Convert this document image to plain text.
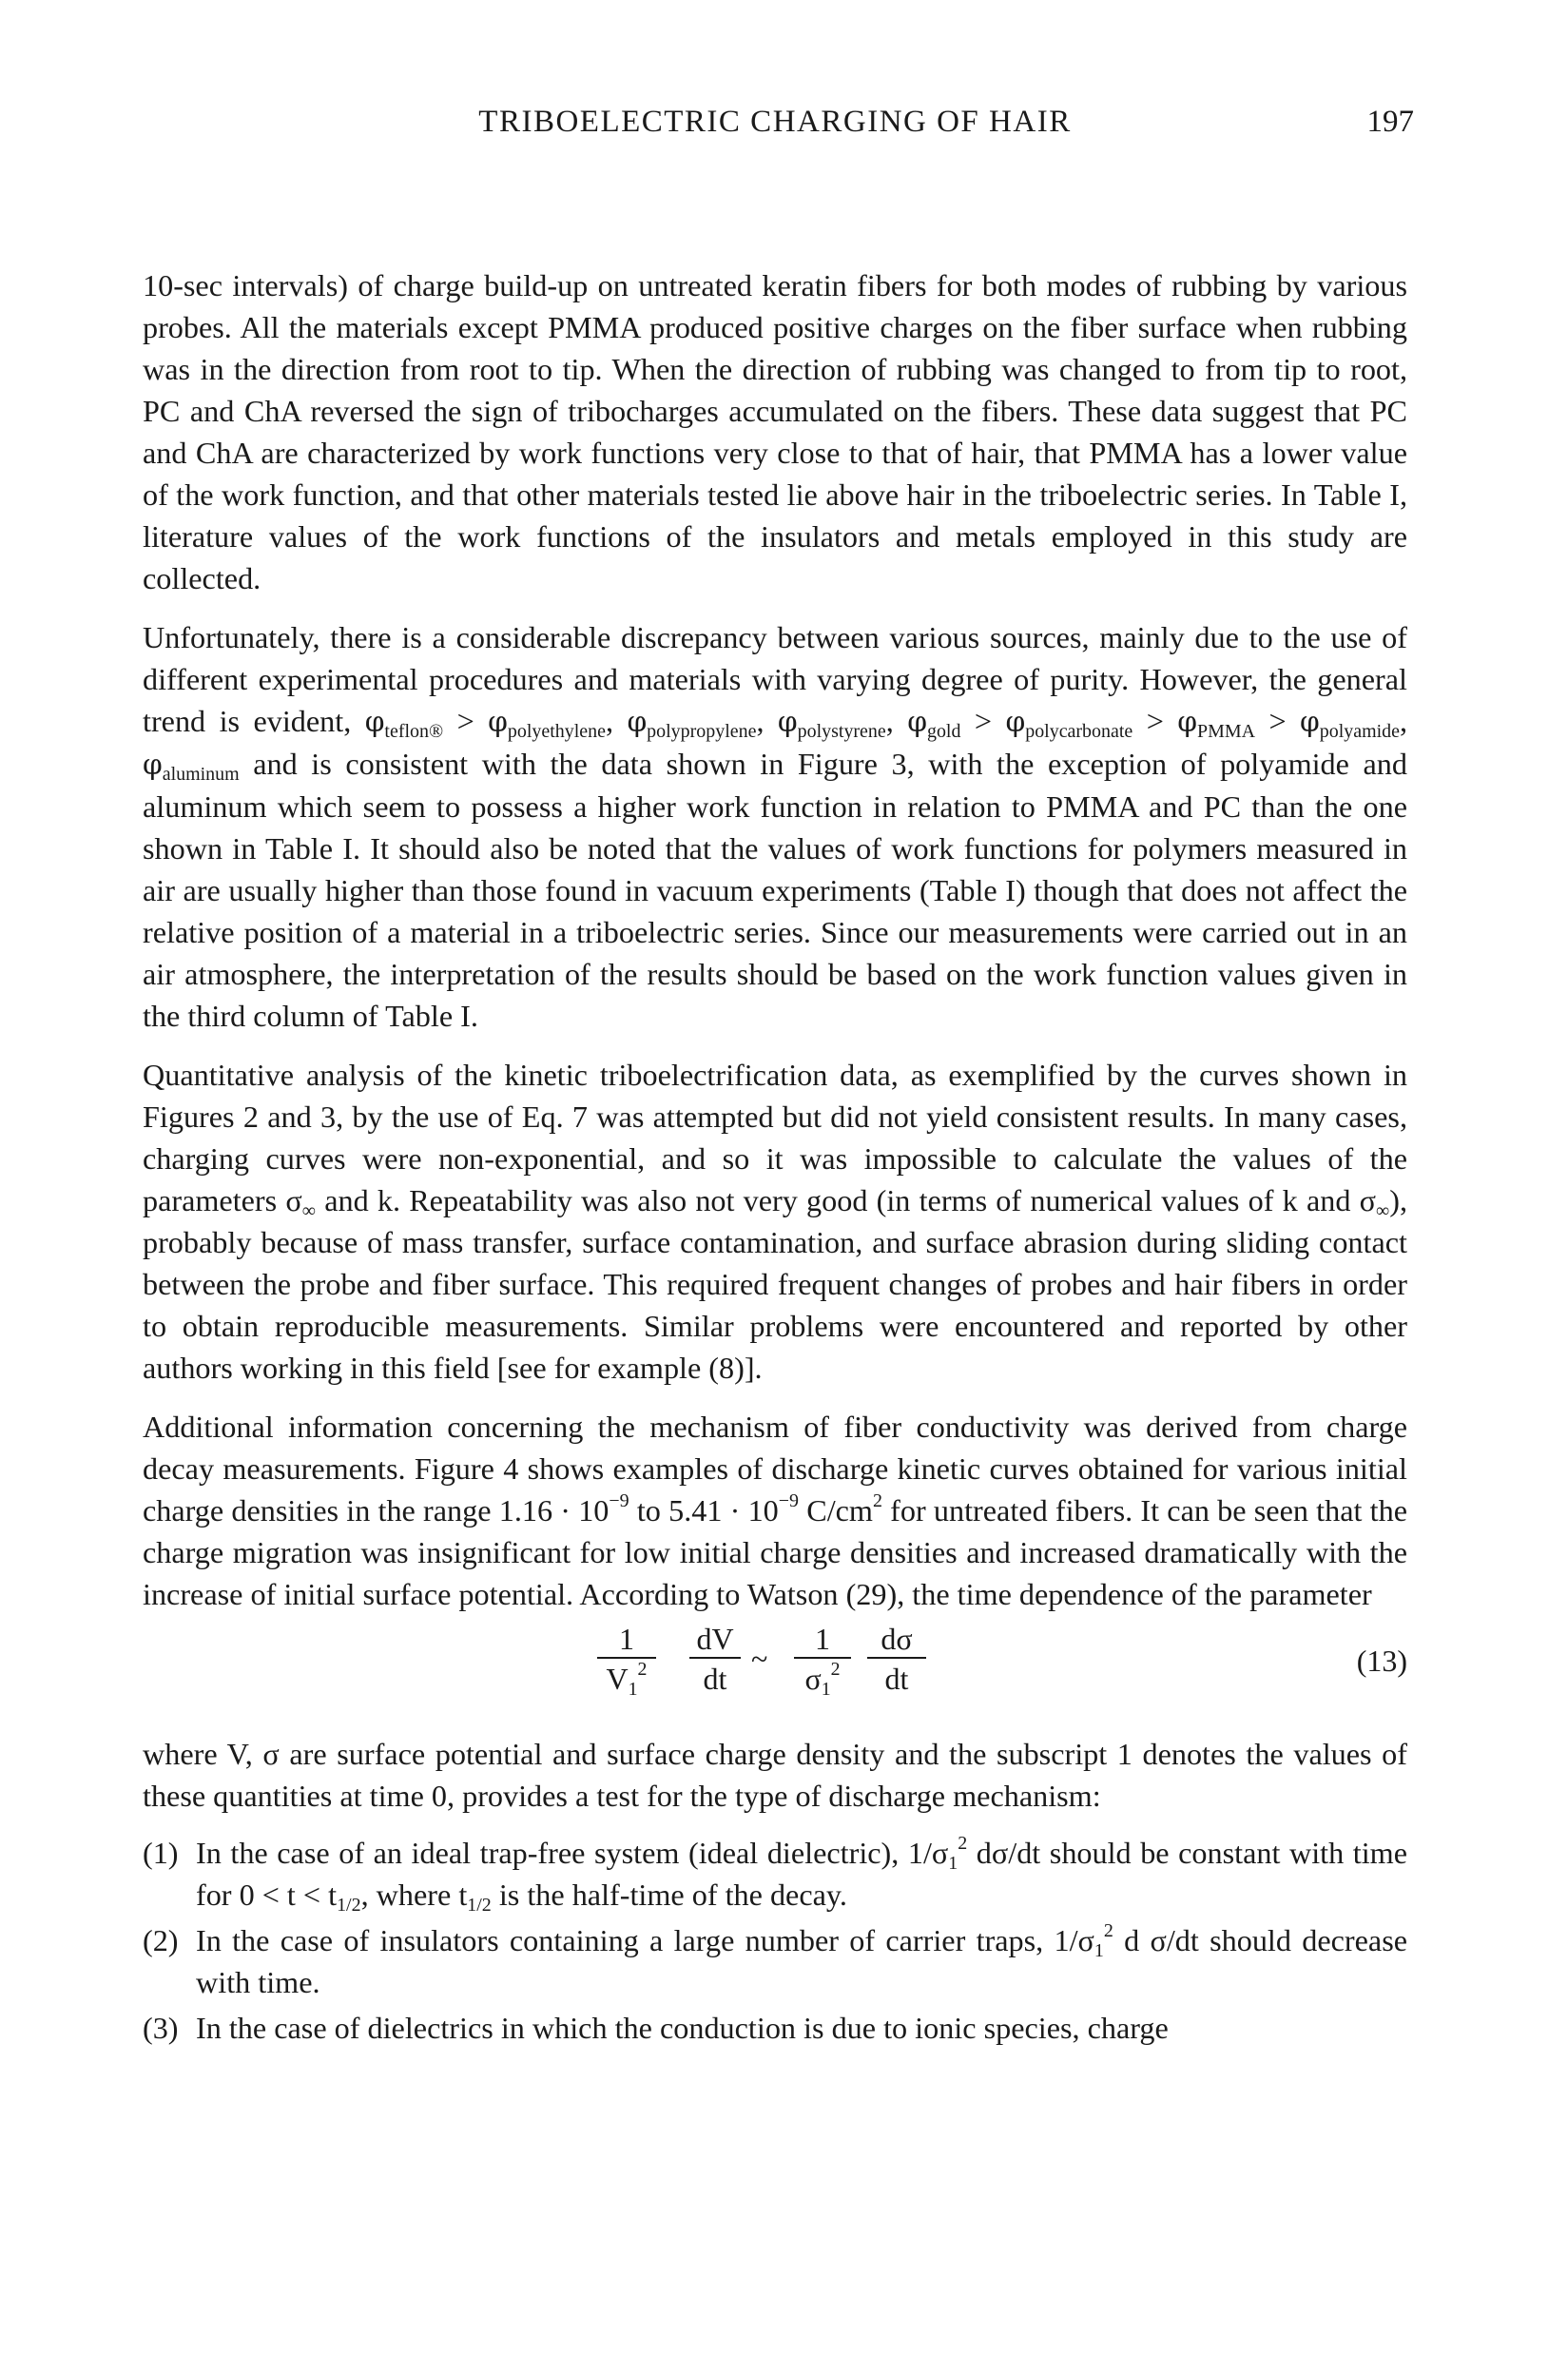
TRIBOELECTRIC CHARGING OF HAIR	197

10-sec intervals) of charge build-up on untreated keratin fibers for both modes of rubbing by various probes. All the materials except PMMA produced positive charges on the fiber surface when rubbing was in the direction from root to tip. When the direction of rubbing was changed to from tip to root, PC and ChA reversed the sign of tribocharges accumulated on the fibers. These data suggest that PC and ChA are characterized by work functions very close to that of hair, that PMMA has a lower value of the work function, and that other materials tested lie above hair in the triboelectric series. In Table I, literature values of the work functions of the insulators and metals employed in this study are collected.

Unfortunately, there is a considerable discrepancy between various sources, mainly due to the use of different experimental procedures and materials with varying degree of purity. However, the general trend is evident, $\varphi_{teflon®} > \varphi_{polyethylene}$, $\varphi_{polypropylene}$, $\varphi_{polystyrene}$, $\varphi_{gold} > \varphi_{polycarbonate} > \varphi_{PMMA} > \varphi_{polyamide}$, $\varphi_{aluminum}$ and is consistent with the data shown in Figure 3, with the exception of polyamide and aluminum which seem to possess a higher work function in relation to PMMA and PC than the one shown in Table I. It should also be noted that the values of work functions for polymers measured in air are usually higher than those found in vacuum experiments (Table I) though that does not affect the relative position of a material in a triboelectric series. Since our measurements were carried out in an air atmosphere, the interpretation of the results should be based on the work function values given in the third column of Table I.

Quantitative analysis of the kinetic triboelectrification data, as exemplified by the curves shown in Figures 2 and 3, by the use of Eq. 7 was attempted but did not yield consistent results. In many cases, charging curves were non-exponential, and so it was impossible to calculate the values of the parameters $\sigma_\infty$ and k. Repeatability was also not very good (in terms of numerical values of k and $\sigma_\infty$), probably because of mass transfer, surface contamination, and surface abrasion during sliding contact between the probe and fiber surface. This required frequent changes of probes and hair fibers in order to obtain reproducible measurements. Similar problems were encountered and reported by other authors working in this field [see for example (8)].

Additional information concerning the mechanism of fiber conductivity was derived from charge decay measurements. Figure 4 shows examples of discharge kinetic curves obtained for various initial charge densities in the range $1.16 \cdot 10^{-9}$ to $5.41 \cdot 10^{-9}$ $C/cm^2$ for untreated fibers. It can be seen that the charge migration was insignificant for low initial charge densities and increased dramatically with the increase of initial surface potential. According to Watson (29), the time dependence of the parameter

$\frac{1}{V_1^2} \frac{dV}{dt}$ ~ $\frac{1}{\sigma_1^2} \frac{d\sigma}{dt}$	(13)

where V, σ are surface potential and surface charge density and the subscript 1 denotes the values of these quantities at time 0, provides a test for the type of discharge mechanism:

(1) In the case of an ideal trap-free system (ideal dielectric), $1/\sigma_1^2$ dσ/dt should be constant with time for $0 < t < t_{1/2}$, where $t_{1/2}$ is the half-time of the decay.
(2) In the case of insulators containing a large number of carrier traps, $1/\sigma_1^2$ d σ/dt should decrease with time.
(3) In the case of dielectrics in which the conduction is due to ionic species, charge
